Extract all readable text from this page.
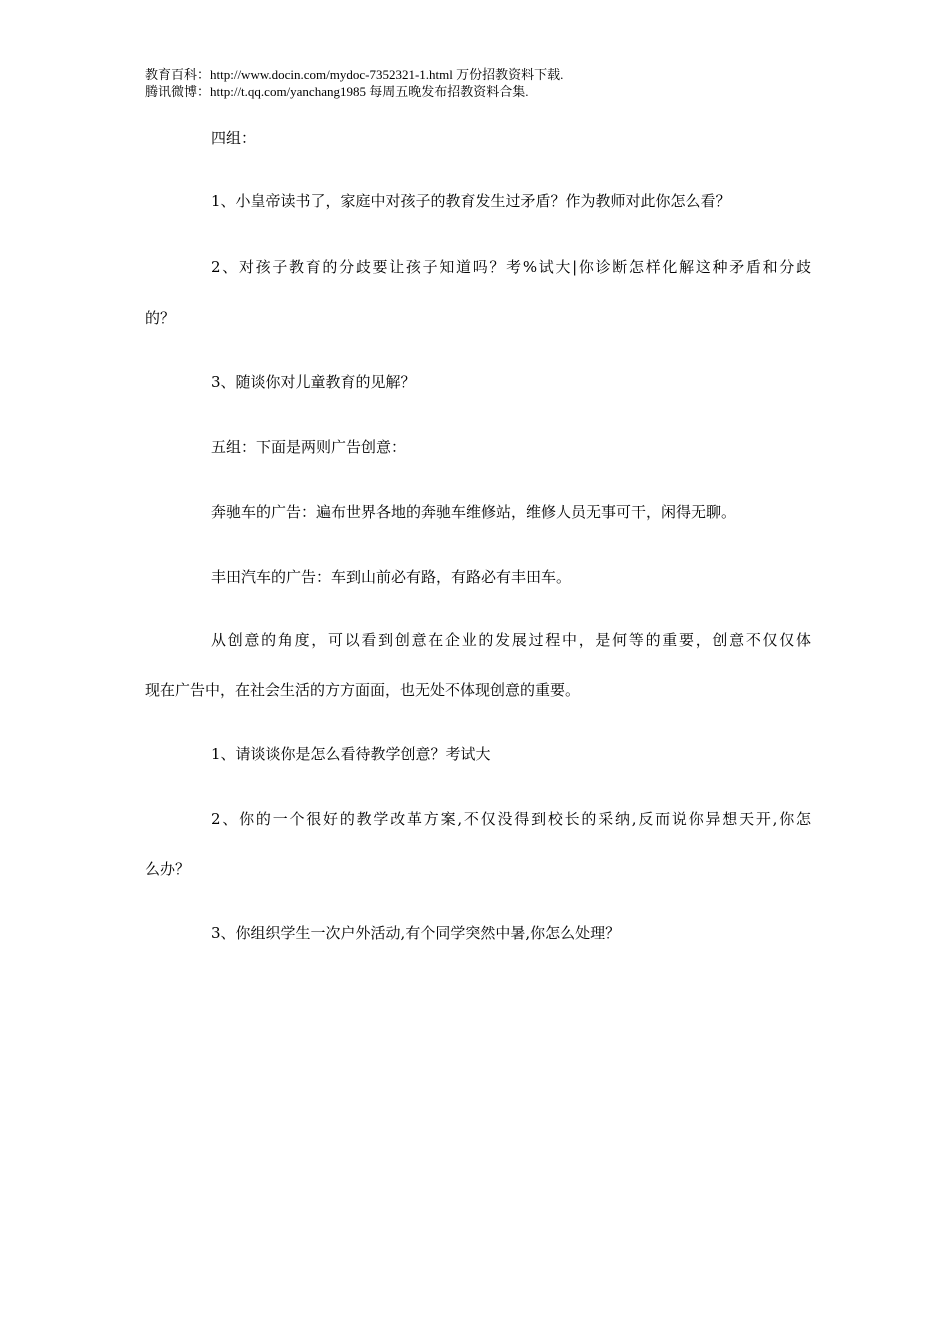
教育百科：http://www.docin.com/mydoc-7352321-1.html 万份招教资料下载.
腾讯微博：http://t.qq.com/yanchang1985 每周五晚发布招教资料合集.
四组：
1、小皇帝读书了，家庭中对孩子的教育发生过矛盾？作为教师对此你怎么看？
2、对孩子教育的分歧要让孩子知道吗？考%试大|你诊断怎样化解这种矛盾和分歧
的？
3、随谈你对儿童教育的见解？
五组：下面是两则广告创意：
奔驰车的广告：遍布世界各地的奔驰车维修站，维修人员无事可干，闲得无聊。
丰田汽车的广告：车到山前必有路，有路必有丰田车。
从创意的角度，可以看到创意在企业的发展过程中，是何等的重要，创意不仅仅体
现在广告中，在社会生活的方方面面，也无处不体现创意的重要。
1、请谈谈你是怎么看待教学创意？考试大
2、你的一个很好的教学改革方案,不仅没得到校长的采纳,反而说你异想天开,你怎
么办？
3、你组织学生一次户外活动,有个同学突然中暑,你怎么处理？
